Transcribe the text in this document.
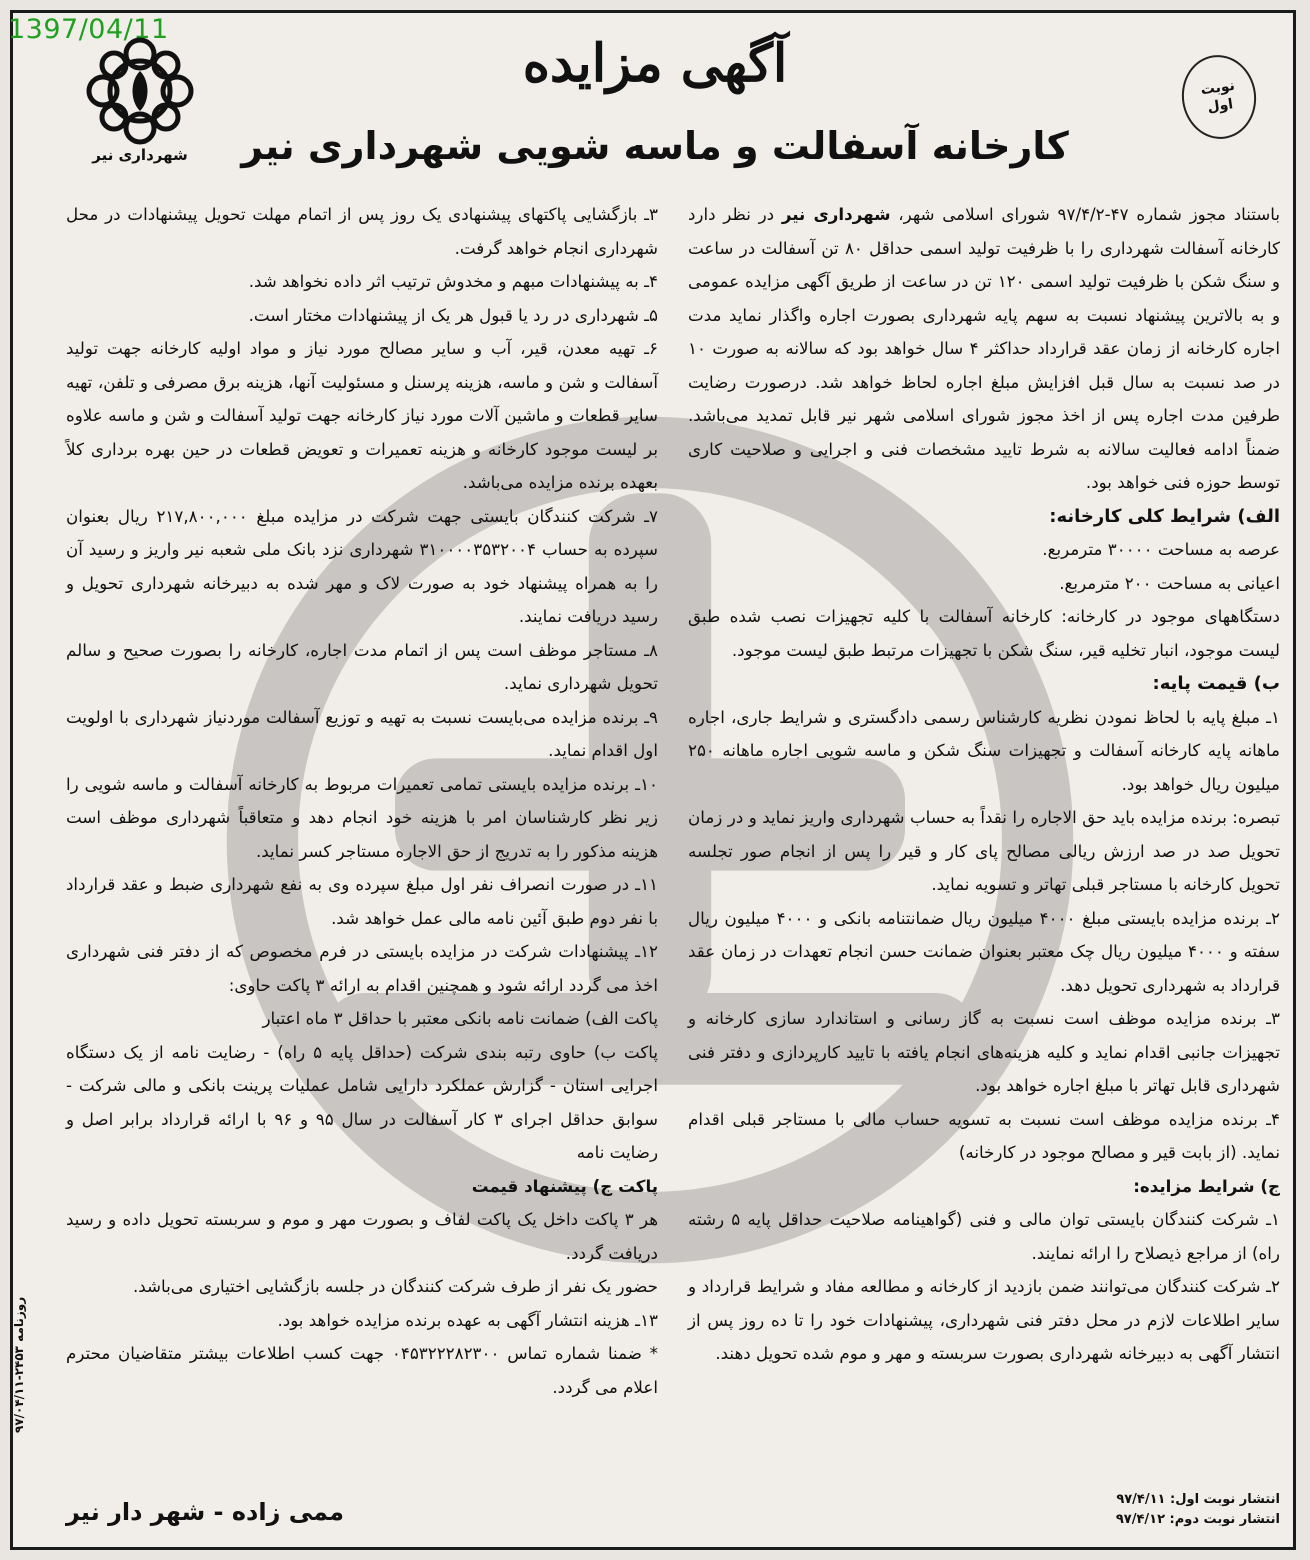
1397/04/11
شهرداری نیر
نوبت
اول
آگهی مزایده
کارخانه آسفالت و ماسه شویی شهرداری نیر

باستناد مجوز شماره ۴۷-۹۷/۴/۲ شورای اسلامی شهر، شهرداری نیر در نظر دارد کارخانه آسفالت شهرداری را با ظرفیت تولید اسمی حداقل ۸۰ تن آسفالت در ساعت و سنگ شکن با ظرفیت تولید اسمی ۱۲۰ تن در ساعت از طریق آگهی مزایده عمومی و به بالاترین پیشنهاد نسبت به سهم پایه شهرداری بصورت اجاره واگذار نماید مدت اجاره کارخانه از زمان عقد قرارداد حداکثر ۴ سال خواهد بود که سالانه به صورت ۱۰ در صد نسبت به سال قبل افزایش مبلغ اجاره لحاظ خواهد شد. درصورت رضایت طرفین مدت اجاره پس از اخذ مجوز شورای اسلامی شهر نیر قابل تمدید می‌باشد. ضمناً ادامه فعالیت سالانه به شرط تایید مشخصات فنی و اجرایی و صلاحیت کاری توسط حوزه فنی خواهد بود.

الف) شرایط کلی کارخانه:

عرصه به مساحت ۳۰۰۰۰ مترمربع.

اعیانی به مساحت ۲۰۰ مترمربع.

دستگاههای موجود در کارخانه: کارخانه آسفالت با کلیه تجهیزات نصب شده طبق لیست موجود، انبار تخلیه قیر، سنگ شکن با تجهیزات مرتبط طبق لیست موجود.

ب) قیمت پایه:

۱ـ مبلغ پایه با لحاظ نمودن نظریه کارشناس رسمی دادگستری و شرایط جاری، اجاره ماهانه پایه کارخانه آسفالت و تجهیزات سنگ شکن و ماسه شویی اجاره ماهانه ۲۵۰ میلیون ریال خواهد بود.

تبصره: برنده مزایده باید حق الاجاره را نقداً به حساب شهرداری واریز نماید و در زمان تحویل صد در صد ارزش ریالی مصالح پای کار و قیر را پس از انجام صور تجلسه تحویل کارخانه با مستاجر قبلی تهاتر و تسویه نماید.

۲ـ برنده مزایده بایستی مبلغ ۴۰۰۰ میلیون ریال ضمانتنامه بانکی و ۴۰۰۰ میلیون ریال سفته و ۴۰۰۰ میلیون ریال چک معتبر بعنوان ضمانت حسن انجام تعهدات در زمان عقد قرارداد به شهرداری تحویل دهد.

۳ـ برنده مزایده موظف است نسبت به گاز رسانی و استاندارد سازی کارخانه و تجهیزات جانبی اقدام نماید و کلیه هزینه‌های انجام یافته با تایید کارپردازی و دفتر فنی شهرداری قابل تهاتر با مبلغ اجاره خواهد بود.

۴ـ برنده مزایده موظف است نسبت به تسویه حساب مالی با مستاجر قبلی اقدام نماید. (از بابت قیر و مصالح موجود در کارخانه)

ج) شرایط مزایده:

۱ـ شرکت کنندگان بایستی توان مالی و فنی (گواهینامه صلاحیت حداقل پایه ۵ رشته راه) از مراجع ذیصلاح را ارائه نمایند.

۲ـ شرکت کنندگان می‌توانند ضمن بازدید از کارخانه و مطالعه مفاد و شرایط قرارداد و سایر اطلاعات لازم در محل دفتر فنی شهرداری، پیشنهادات خود را تا ده روز پس از انتشار آگهی به دبیرخانه شهرداری بصورت سربسته و مهر و موم شده تحویل دهند.

۳ـ بازگشایی پاکتهای پیشنهادی یک روز پس از اتمام مهلت تحویل پیشنهادات در محل شهرداری انجام خواهد گرفت.

۴ـ به پیشنهادات مبهم و مخدوش ترتیب اثر داده نخواهد شد.

۵ـ شهرداری در رد یا قبول هر یک از پیشنهادات مختار است.

۶ـ تهیه معدن، قیر، آب و سایر مصالح مورد نیاز و مواد اولیه کارخانه جهت تولید آسفالت و شن و ماسه، هزینه پرسنل و مسئولیت آنها، هزینه برق مصرفی و تلفن، تهیه سایر قطعات و ماشین آلات مورد نیاز کارخانه جهت تولید آسفالت و شن و ماسه علاوه بر لیست موجود کارخانه و هزینه تعمیرات و تعویض قطعات در حین بهره برداری کلاً بعهده برنده مزایده می‌باشد.

۷ـ شرکت کنندگان بایستی جهت شرکت در مزایده مبلغ ۲۱۷,۸۰۰,۰۰۰ ریال بعنوان سپرده به حساب ۳۱۰۰۰۰۳۵۳۲۰۰۴ شهرداری نزد بانک ملی شعبه نیر واریز و رسید آن را به همراه پیشنهاد خود به صورت لاک و مهر شده به دبیرخانه شهرداری تحویل و رسید دریافت نمایند.

۸ـ مستاجر موظف است پس از اتمام مدت اجاره، کارخانه را بصورت صحیح و سالم تحویل شهرداری نماید.

۹ـ برنده مزایده می‌بایست نسبت به تهیه و توزیع آسفالت موردنیاز شهرداری با اولویت اول اقدام نماید.

۱۰ـ برنده مزایده بایستی تمامی تعمیرات مربوط به کارخانه آسفالت و ماسه شویی را زیر نظر کارشناسان امر با هزینه خود انجام دهد و متعاقباً شهرداری موظف است هزینه مذکور را به تدریج از حق الاجاره مستاجر کسر نماید.

۱۱ـ در صورت انصراف نفر اول مبلغ سپرده وی به نفع شهرداری ضبط و عقد قرارداد با نفر دوم طبق آئین نامه مالی عمل خواهد شد.

۱۲ـ پیشنهادات شرکت در مزایده بایستی در فرم مخصوص که از دفتر فنی شهرداری اخذ می گردد ارائه شود و همچنین اقدام به ارائه ۳ پاکت حاوی:

پاکت الف) ضمانت نامه بانکی معتبر با حداقل ۳ ماه اعتبار

پاکت ب) حاوی رتبه بندی شرکت (حداقل پایه ۵ راه) - رضایت نامه از یک دستگاه اجرایی استان - گزارش عملکرد دارایی شامل عملیات پرینت بانکی و مالی شرکت - سوابق حداقل اجرای ۳ کار آسفالت در سال ۹۵ و ۹۶ با ارائه قرارداد برابر اصل و رضایت نامه

پاکت ج) پیشنهاد قیمت

هر ۳ پاکت داخل یک پاکت لفاف و بصورت مهر و موم و سربسته تحویل داده و رسید دریافت گردد.

حضور یک نفر از طرف شرکت کنندگان در جلسه بازگشایی اختیاری می‌باشد.

۱۳ـ هزینه انتشار آگهی به عهده برنده مزایده خواهد بود.

* ضمنا شماره تماس ۰۴۵۳۲۲۲۸۲۳۰۰ جهت کسب اطلاعات بیشتر متقاضیان محترم اعلام می گردد.

انتشار نوبت اول: ۹۷/۴/۱۱
انتشار نوبت دوم: ۹۷/۴/۱۲
ممی زاده - شهر دار نیر
روزنامه ۲۴۵۳-۹۷/۰۴/۱۱
